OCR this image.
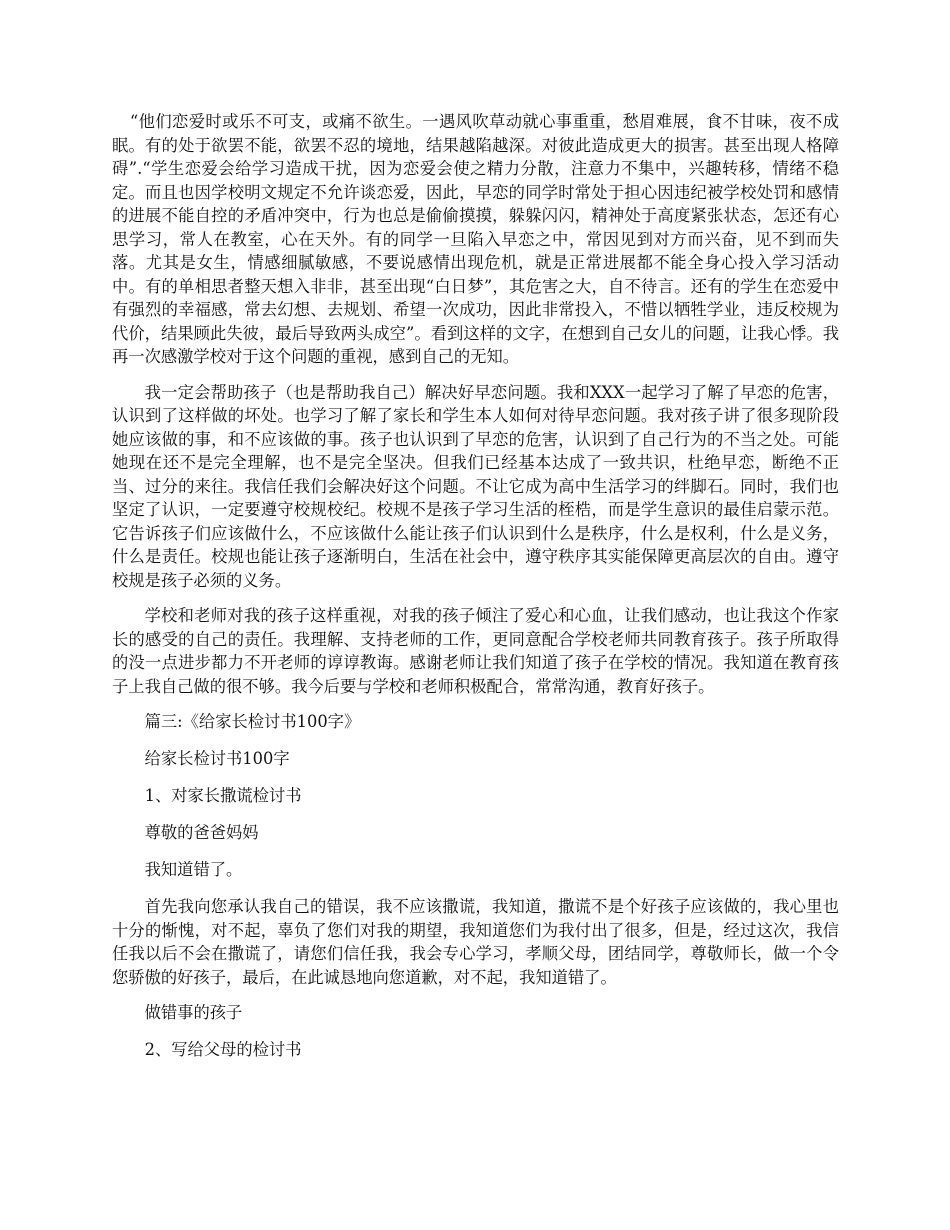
“他们恋爱时或乐不可支，或痛不欲生。一遇风吹草动就心事重重，愁眉难展，食不甘味，夜不成眠。有的处于欲罢不能，欲罢不忍的境地，结果越陷越深。对彼此造成更大的损害。甚至出现人格障碍”.“学生恋爱会给学习造成干扰，因为恋爱会使之精力分散，注意力不集中，兴趣转移，情绪不稳定。而且也因学校明文规定不允许谈恋爱，因此，早恋的同学时常处于担心因违纪被学校处罚和感情的进展不能自控的矛盾冲突中，行为也总是偷偷摸摸，躲躲闪闪，精神处于高度紧张状态，怎还有心思学习，常人在教室，心在天外。有的同学一旦陷入早恋之中，常因见到对方而兴奋，见不到而失落。尤其是女生，情感细腻敏感，不要说感情出现危机，就是正常进展都不能全身心投入学习活动中。有的单相思者整天想入非非，甚至出现“白日梦”，其危害之大，自不待言。还有的学生在恋爱中有强烈的幸福感，常去幻想、去规划、希望一次成功，因此非常投入，不惜以牺牲学业，违反校规为代价，结果顾此失彼，最后导致两头成空”。看到这样的文字，在想到自己女儿的问题，让我心悸。我再一次感激学校对于这个问题的重视，感到自己的无知。

我一定会帮助孩子（也是帮助我自己）解决好早恋问题。我和XXX一起学习了解了早恋的危害，认识到了这样做的坏处。也学习了解了家长和学生本人如何对待早恋问题。我对孩子讲了很多现阶段她应该做的事，和不应该做的事。孩子也认识到了早恋的危害，认识到了自己行为的不当之处。可能她现在还不是完全理解，也不是完全坚决。但我们已经基本达成了一致共识，杜绝早恋，断绝不正当、过分的来往。我信任我们会解决好这个问题。不让它成为高中生活学习的绊脚石。同时，我们也坚定了认识，一定要遵守校规校纪。校规不是孩子学习生活的桎梏，而是学生意识的最佳启蒙示范。它告诉孩子们应该做什么，不应该做什么能让孩子们认识到什么是秩序，什么是权利，什么是义务，什么是责任。校规也能让孩子逐渐明白，生活在社会中，遵守秩序其实能保障更高层次的自由。遵守校规是孩子必须的义务。

学校和老师对我的孩子这样重视，对我的孩子倾注了爱心和心血，让我们感动，也让我这个作家长的感受的自己的责任。我理解、支持老师的工作，更同意配合学校老师共同教育孩子。孩子所取得的没一点进步都力不开老师的谆谆教诲。感谢老师让我们知道了孩子在学校的情况。我知道在教育孩子上我自己做的很不够。我今后要与学校和老师积极配合，常常沟通，教育好孩子。

篇三:《给家长检讨书100字》

给家长检讨书100字

1、对家长撒谎检讨书

尊敬的爸爸妈妈

我知道错了。

首先我向您承认我自己的错误，我不应该撒谎，我知道，撒谎不是个好孩子应该做的，我心里也十分的惭愧，对不起，辜负了您们对我的期望，我知道您们为我付出了很多，但是，经过这次，我信任我以后不会在撒谎了，请您们信任我，我会专心学习，孝顺父母，团结同学，尊敬师长，做一个令您骄傲的好孩子，最后，在此诚恳地向您道歉，对不起，我知道错了。

做错事的孩子

2、写给父母的检讨书
